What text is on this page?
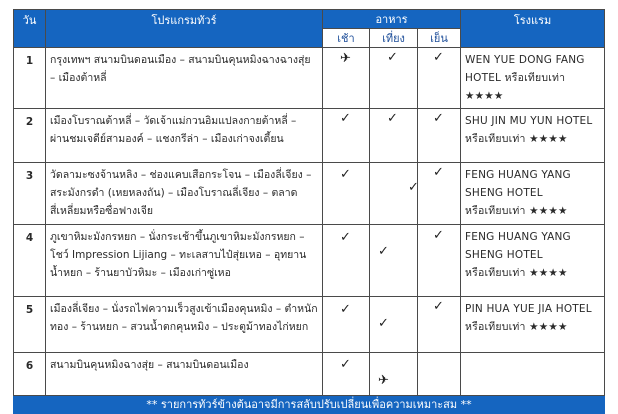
วัน	โปรแกรมทัวร์	อาหาร			โรงแรม
		เช้า	เที่ยง	เย็น	
1	กรุงเทพฯ สนามบินดอนเมือง – สนามบินคุนหมิงฉางฉางสุ่ย – เมืองต้าหลี่	✈	✓	✓	WEN YUE DONG FANG
HOTEL หรือเทียบเท่า ★★★★

2	เมืองโบราณต้าหลี่ – วัดเจ้าแม่กวนอิมแปลงกายต้าหลี่ – ผ่านชมเจดีย์สามองค์ – แชงกรีล่า – เมืองเก่าจงเตี้ยน	✓	✓	✓	SHU JIN MU YUN HOTEL
หรือเทียบเท่า ★★★★

3	วัดลามะซงจ้านหลิง – ช่องแคบเสือกระโจน – เมืองลี่เจียง – สระมังกรดำ (เหยหลงถัน) – เมืองโบราณลี่เจียง – ตลาดสี่เหลี่ยมหรือซื่อฟางเจีย	✓	✓	✓	FENG HUANG YANG
SHENG HOTEL
หรือเทียบเท่า ★★★★

4	ภูเขาหิมะมังกรหยก – นั่งกระเช้าขึ้นภูเขาหิมะมังกรหยก – โชว์ Impression Lijiang – ทะเลสาบไป๋สุ่ยเหอ – อุทยานน้ำหยก – ร้านยาบัวหิมะ – เมืองเก่าซู่เหอ	✓	✓	✓	FENG HUANG YANG
SHENG HOTEL
หรือเทียบเท่า ★★★★

5	เมืองลี่เจียง – นั่งรถไฟความเร็วสูงเข้าเมืองคุนหมิง – ตำหนักทอง – ร้านหยก – สวนน้ำตกคุนหมิง – ประตูม้าทองไก่หยก	✓	✓	✓	PIN HUA YUE JIA HOTEL
หรือเทียบเท่า ★★★★

6	สนามบินคุนหมิงฉางสุ่ย – สนามบินดอนเมือง	✓	✈		

** รายการทัวร์ข้างต้นอาจมีการสลับปรับเปลี่ยนเพื่อความเหมาะสม **					
